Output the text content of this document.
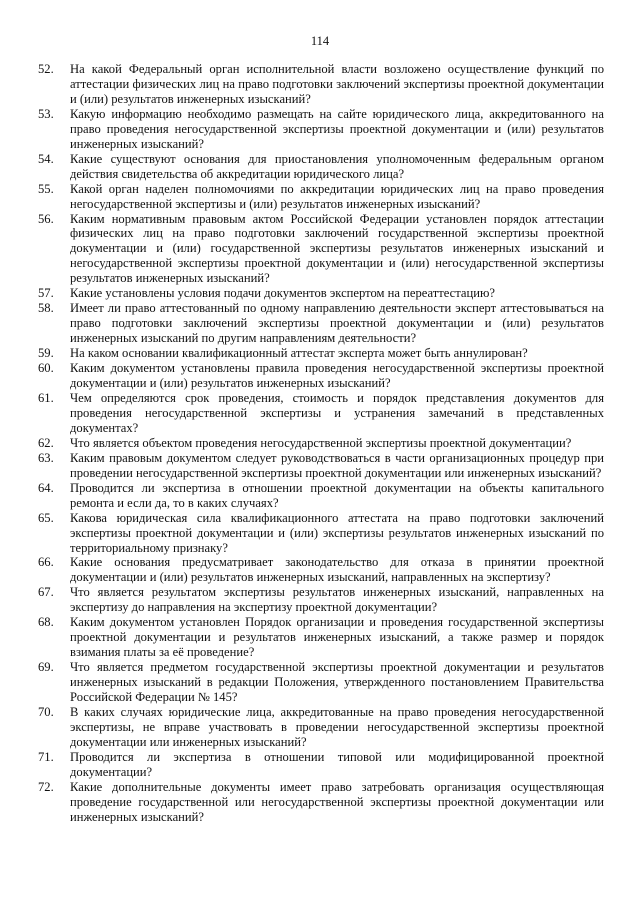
114
52.	На какой Федеральный орган исполнительной власти возложено осуществление функций по аттестации физических лиц на право подготовки заключений экспертизы проектной документации и (или) результатов инженерных изысканий?
53.	Какую информацию необходимо размещать на сайте юридического лица, аккредитованного на право проведения негосударственной экспертизы проектной документации и (или) результатов инженерных изысканий?
54.	Какие существуют основания для приостановления уполномоченным федеральным органом действия свидетельства об аккредитации юридического лица?
55.	Какой орган наделен полномочиями по аккредитации юридических лиц на право проведения негосударственной экспертизы и (или) результатов инженерных изысканий?
56.	Каким нормативным правовым актом Российской Федерации установлен порядок аттестации физических лиц на право подготовки заключений государственной экспертизы проектной документации и (или) государственной экспертизы результатов инженерных изысканий и негосударственной экспертизы проектной документации и (или) негосударственной экспертизы результатов инженерных изысканий?
57.	Какие установлены условия подачи документов экспертом на переаттестацию?
58.	Имеет ли право аттестованный по одному направлению деятельности эксперт аттестовываться на право подготовки заключений экспертизы проектной документации и (или) результатов инженерных изысканий по другим направлениям деятельности?
59.	На каком основании квалификационный аттестат эксперта может быть аннулирован?
60.	Каким документом установлены правила проведения негосударственной экспертизы проектной документации и (или) результатов инженерных изысканий?
61.	Чем определяются срок проведения, стоимость и порядок представления документов для проведения негосударственной экспертизы и устранения замечаний в представленных документах?
62.	Что является объектом проведения негосударственной экспертизы проектной документации?
63.	Каким правовым документом следует руководствоваться в части организационных процедур при проведении негосударственной экспертизы проектной документации или инженерных изысканий?
64.	Проводится ли экспертиза в отношении проектной документации на объекты капитального ремонта и если да, то в каких случаях?
65.	Какова юридическая сила квалификационного аттестата на право подготовки заключений экспертизы проектной документации и (или) экспертизы результатов инженерных изысканий по территориальному признаку?
66.	Какие основания предусматривает законодательство для отказа в принятии проектной документации и (или) результатов инженерных изысканий, направленных на экспертизу?
67.	Что является результатом экспертизы результатов инженерных изысканий, направленных на экспертизу до направления на экспертизу проектной документации?
68.	Каким документом установлен Порядок организации и проведения государственной экспертизы проектной документации и результатов инженерных изысканий, а также размер и порядок взимания платы за её проведение?
69.	Что является предметом государственной экспертизы проектной документации и результатов инженерных изысканий в редакции Положения, утвержденного постановлением Правительства Российской Федерации № 145?
70.	В каких случаях юридические лица, аккредитованные на право проведения негосударственной экспертизы, не вправе участвовать в проведении негосударственной экспертизы проектной документации или инженерных изысканий?
71.	Проводится ли экспертиза в отношении типовой или модифицированной проектной документации?
72.	Какие дополнительные документы имеет право затребовать организация осуществляющая проведение государственной или негосударственной экспертизы проектной документации или инженерных изысканий?
